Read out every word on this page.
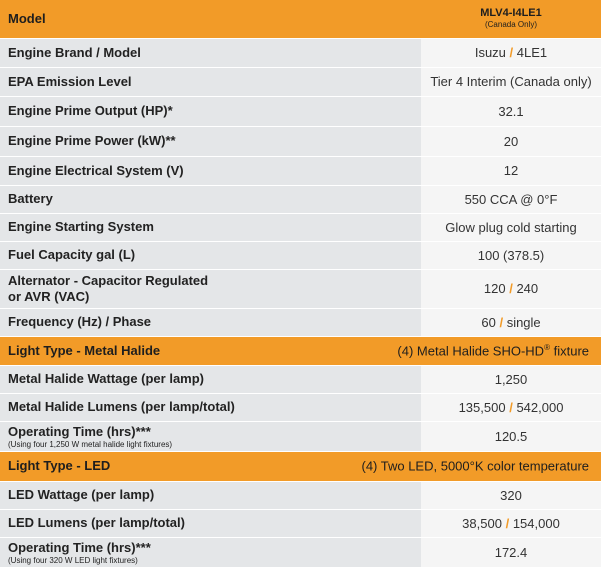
Model	MLV4-I4LE1
(Canada Only)

Engine Brand / Model	Isuzu / 4LE1
EPA Emission Level	Tier 4 Interim (Canada only)
Engine Prime Output (HP)*	32.1
Engine Prime Power (kW)**	20
Engine Electrical System (V)	12
Battery	550 CCA @ 0°F
Engine Starting System	Glow plug cold starting
Fuel Capacity gal (L)	100 (378.5)
Alternator - Capacitor Regulated
or AVR (VAC)	120 / 240
Frequency (Hz) / Phase	60 / single
Light Type - Metal Halide	(4) Metal Halide SHO-HD® fixture

Metal Halide Wattage (per lamp)	1,250
Metal Halide Lumens (per lamp/total)	135,500 / 542,000
Operating Time (hrs)***
(Using four 1,250 W metal halide light fixtures)	120.5
Light Type - LED	(4) Two LED, 5000°K color temperature

LED Wattage (per lamp)	320
LED Lumens (per lamp/total)	38,500 / 154,000
Operating Time (hrs)***
(Using four 320 W LED light fixtures)	172.4
